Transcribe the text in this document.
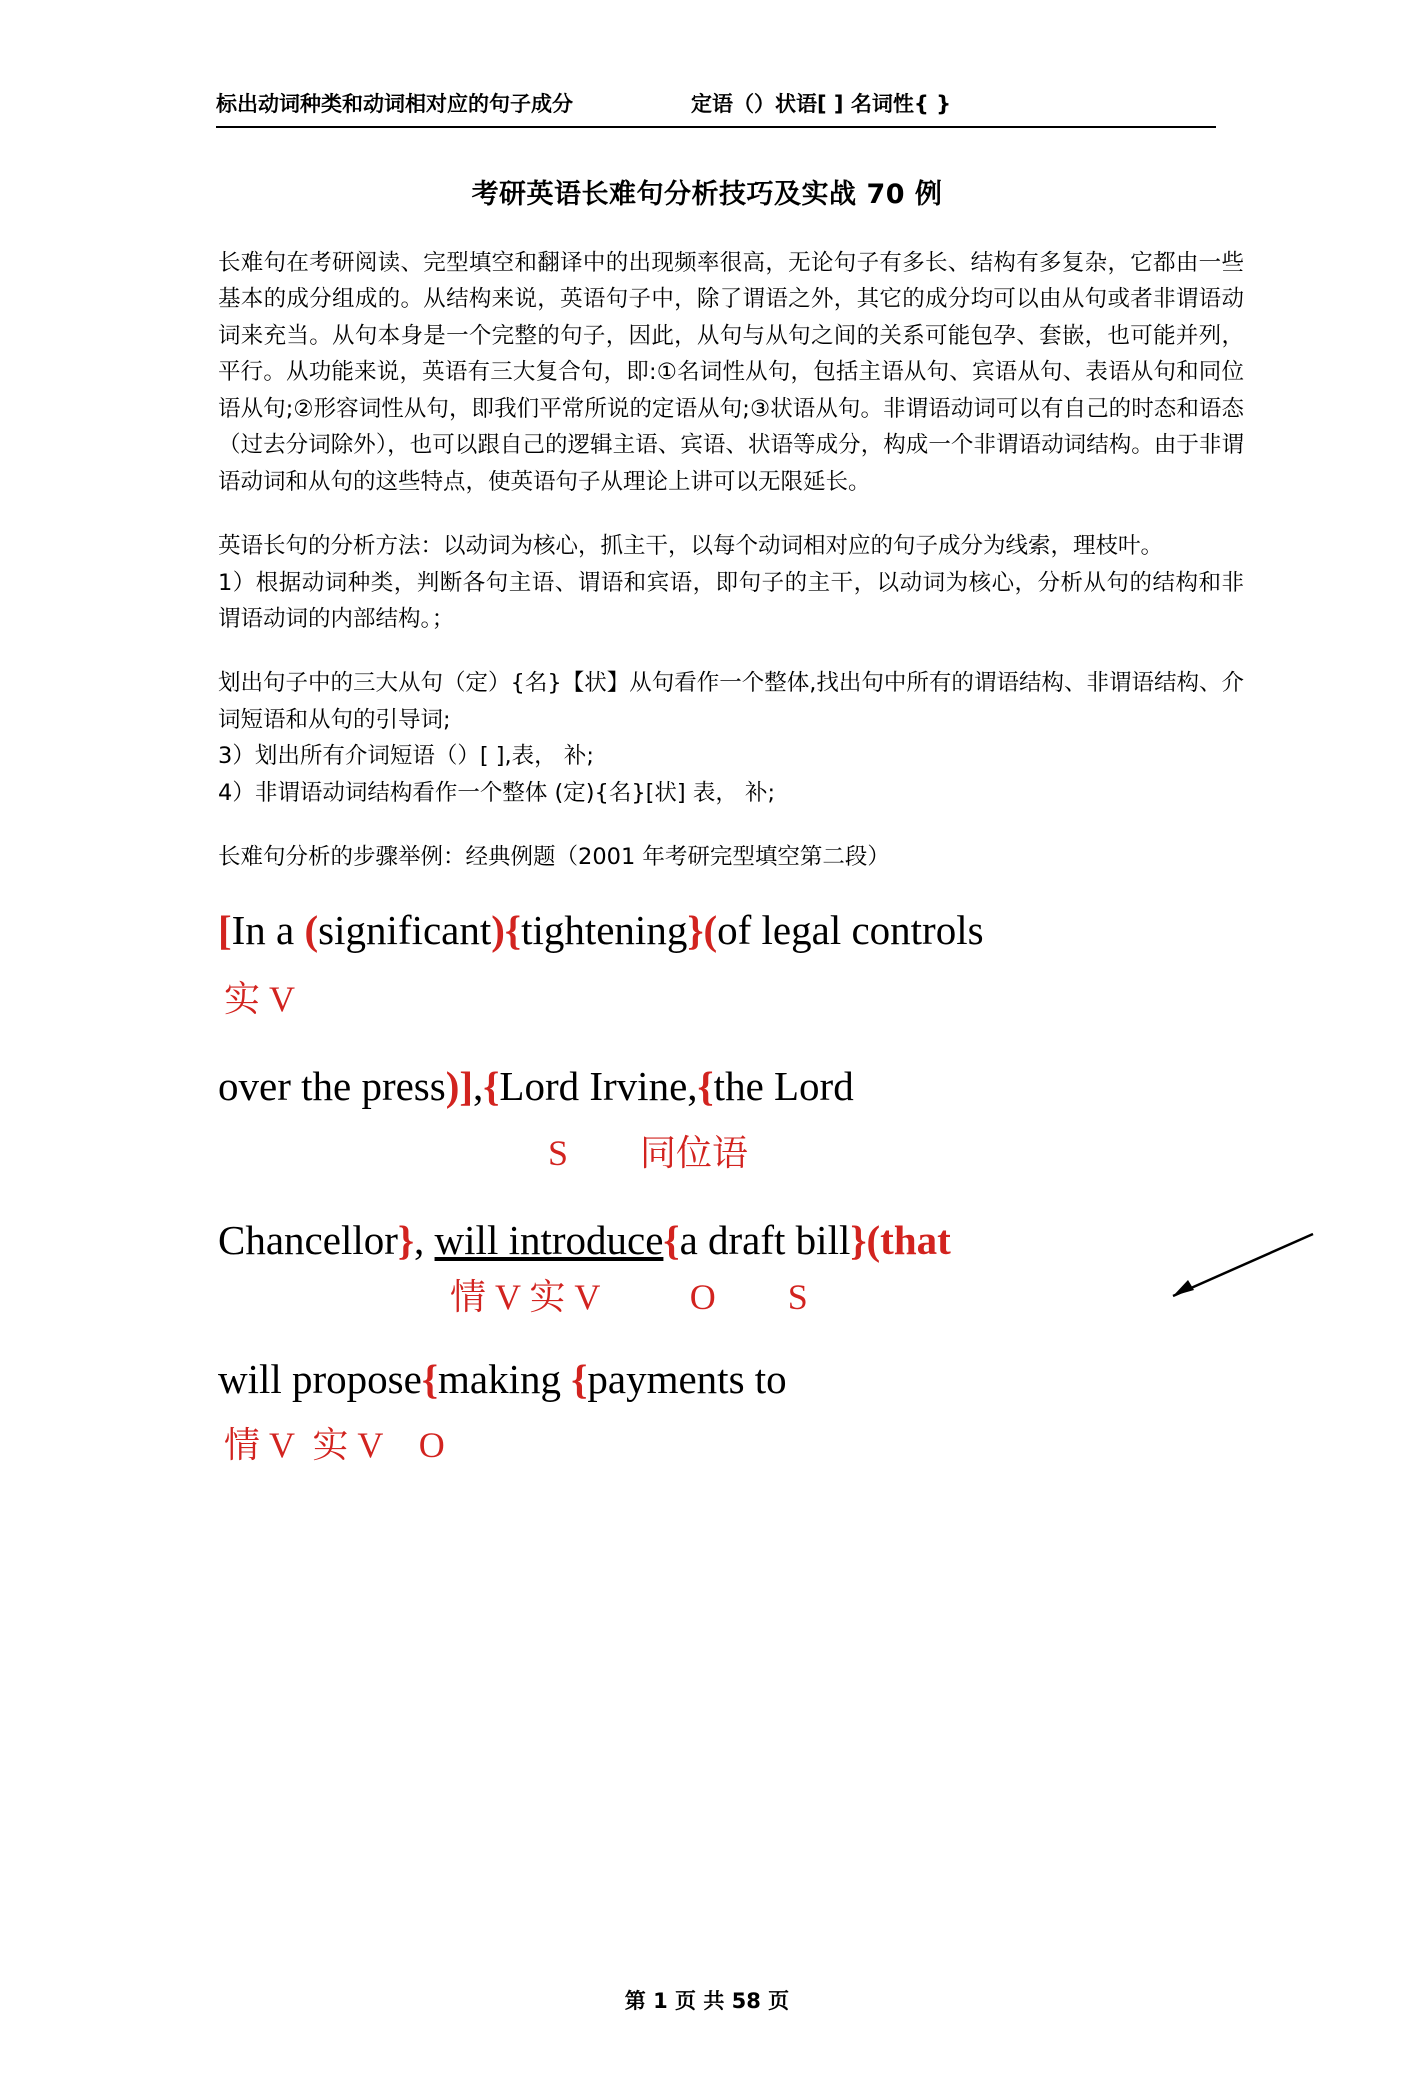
标出动词种类和动词相对应的句子成分	定语（）状语[ ] 名词性{ }
考研英语长难句分析技巧及实战 70 例

长难句在考研阅读、完型填空和翻译中的出现频率很高，无论句子有多长、结构有多复杂，它都由一些基本的成分组成的。从结构来说，英语句子中，除了谓语之外，其它的成分均可以由从句或者非谓语动词来充当。从句本身是一个完整的句子，因此，从句与从句之间的关系可能包孕、套嵌，也可能并列，平行。从功能来说，英语有三大复合句，即:①名词性从句，包括主语从句、宾语从句、表语从句和同位语从句;②形容词性从句，即我们平常所说的定语从句;③状语从句。非谓语动词可以有自己的时态和语态（过去分词除外），也可以跟自己的逻辑主语、宾语、状语等成分，构成一个非谓语动词结构。由于非谓语动词和从句的这些特点，使英语句子从理论上讲可以无限延长。

英语长句的分析方法：以动词为核心，抓主干，以每个动词相对应的句子成分为线索，理枝叶。

1）根据动词种类，判断各句主语、谓语和宾语，即句子的主干，以动词为核心，分析从句的结构和非谓语动词的内部结构。；

划出句子中的三大从句（定）{名}【状】从句看作一个整体,找出句中所有的谓语结构、非谓语结构、介词短语和从句的引导词;

3）划出所有介词短语（）[ ],表， 补;

4）非谓语动词结构看作一个整体 (定){名}[状] 表， 补;

长难句分析的步骤举例：经典例题（2001 年考研完型填空第二段）

[In a (significant){tightening}(of legal controls
实 V
over the press)],{Lord Irvine,{the Lord
S        同位语
Chancellor}, will introduce{a draft bill}(that
情 V 实 V          O        S
will propose{making {payments to
情 V  实 V    O
第 1 页 共 58 页
